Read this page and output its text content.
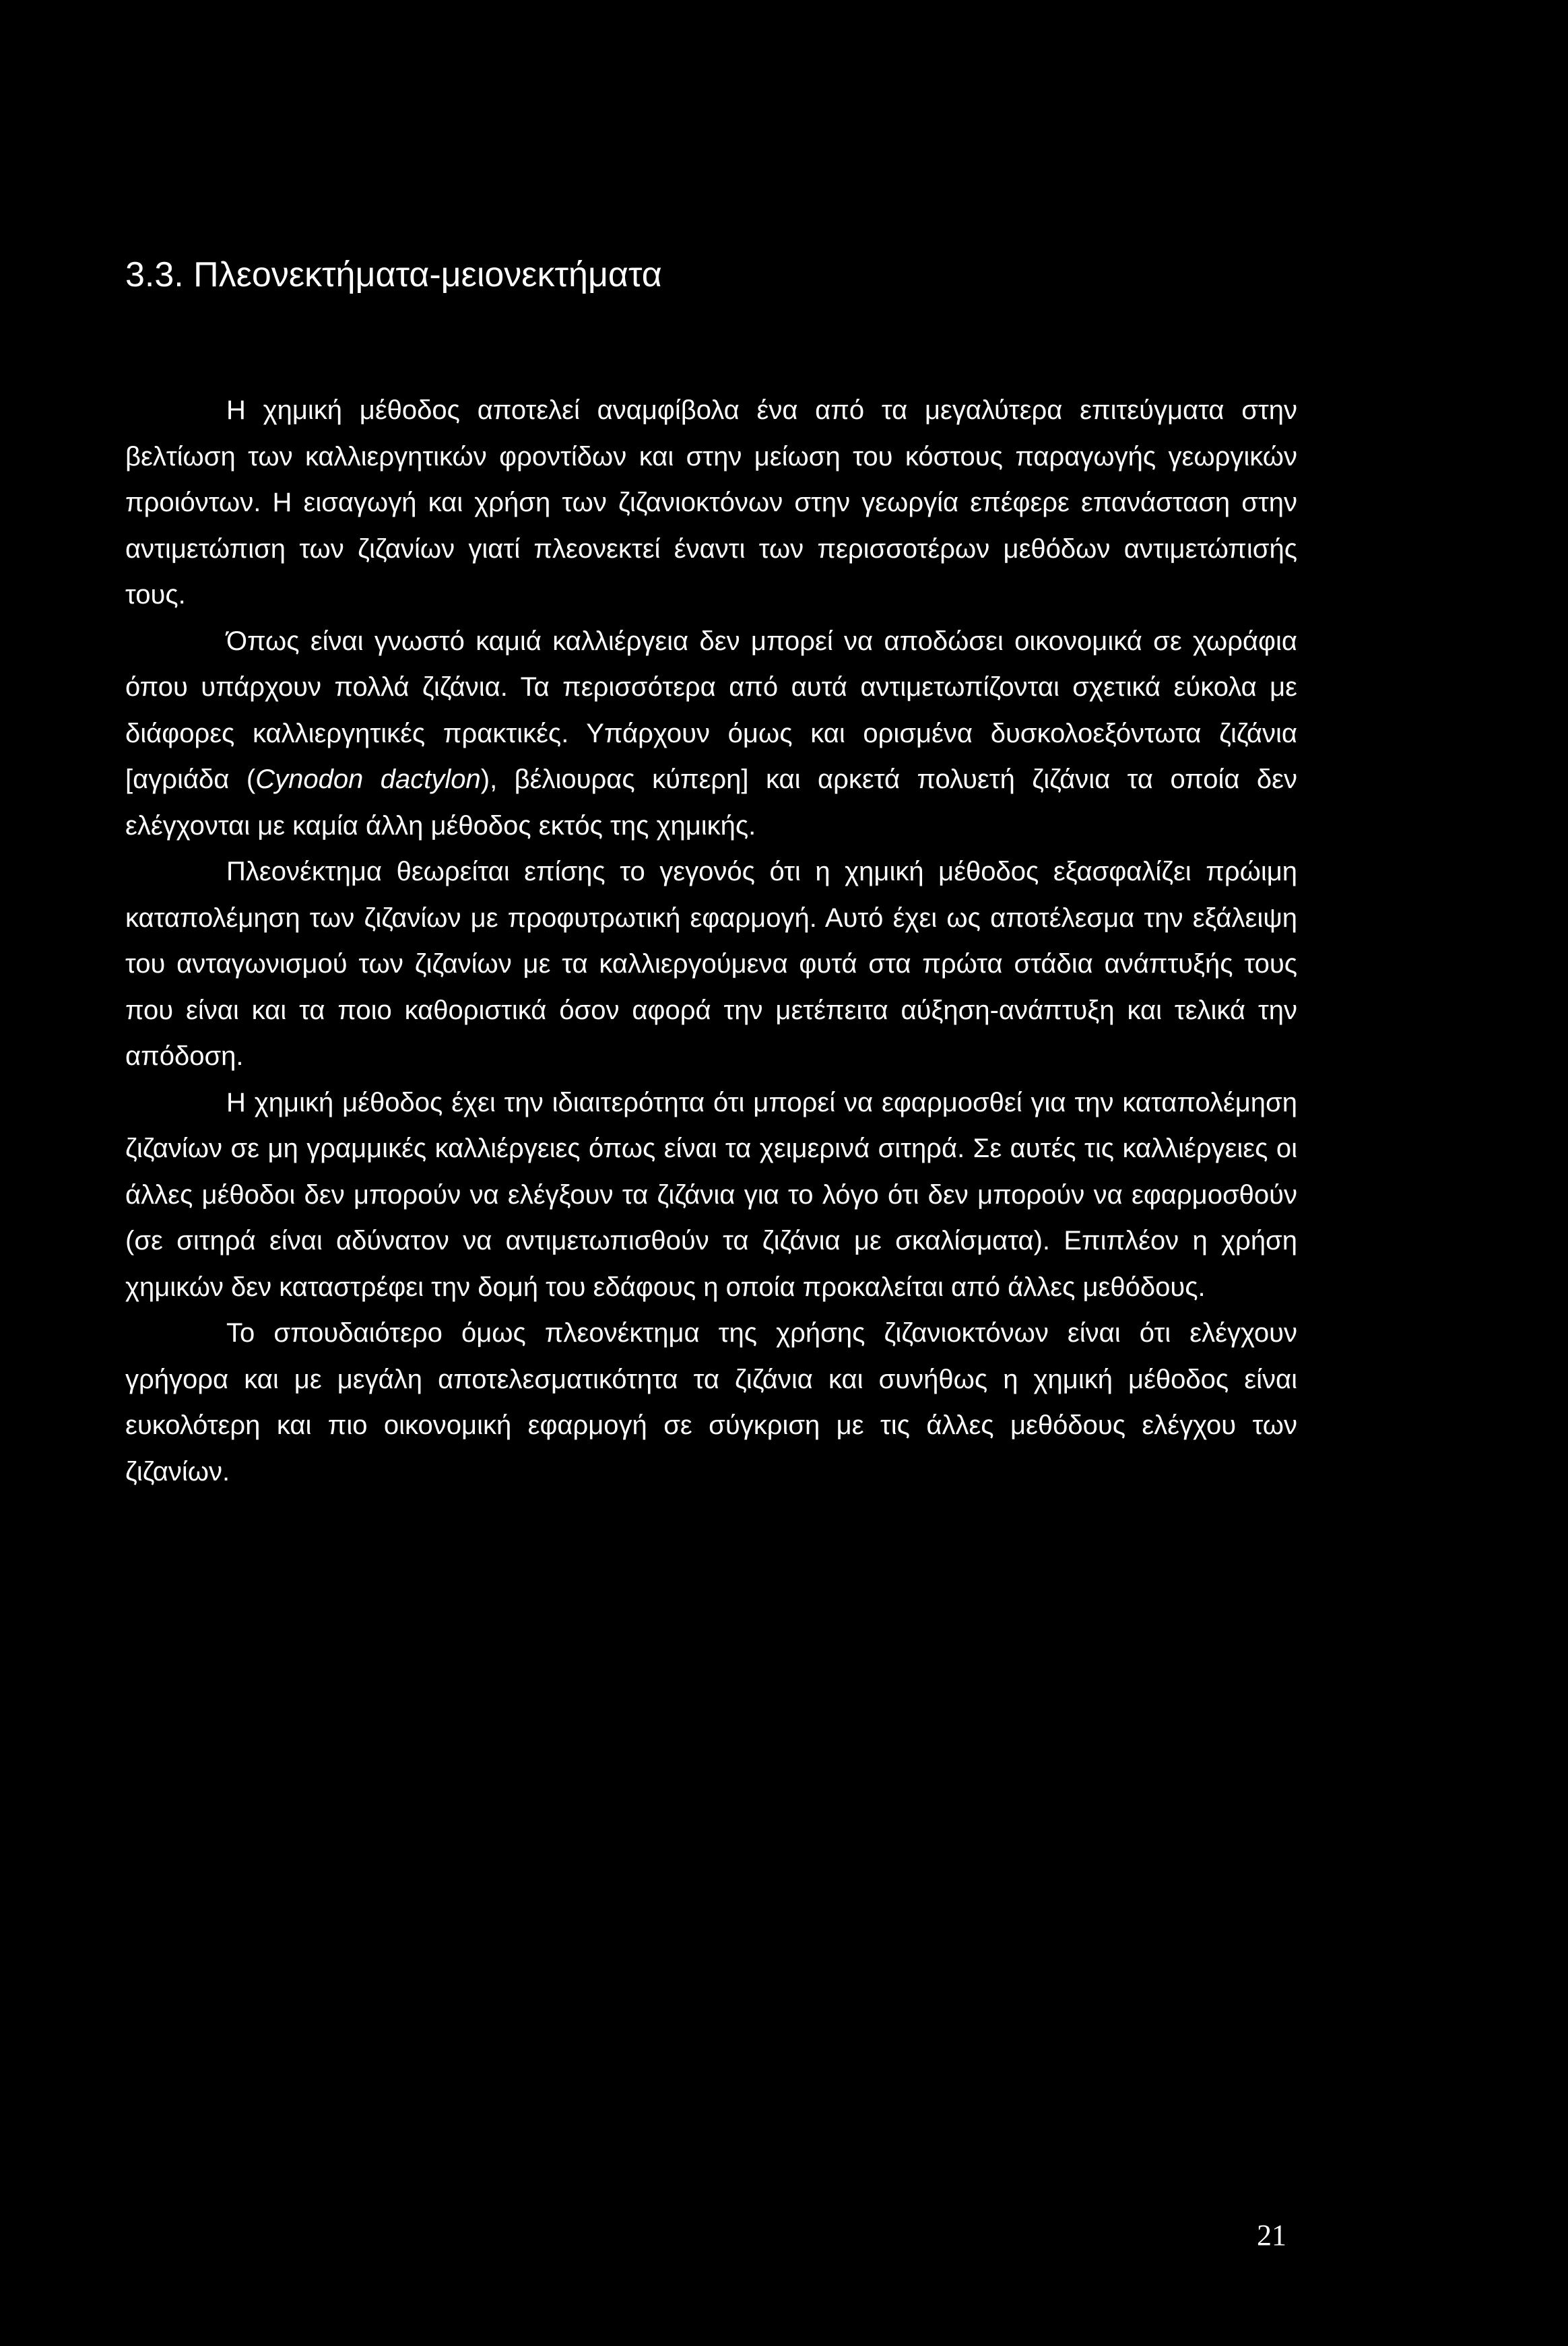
3.3. Πλεονεκτήματα-μειονεκτήματα

Η χημική μέθοδος αποτελεί αναμφίβολα ένα από τα μεγαλύτερα επιτεύγματα στην βελτίωση των καλλιεργητικών φροντίδων και στην μείωση του κόστους παραγωγής γεωργικών προιόντων. Η εισαγωγή και χρήση των ζιζανιοκτόνων στην γεωργία επέφερε επανάσταση στην αντιμετώπιση των ζιζανίων γιατί πλεονεκτεί έναντι των περισσοτέρων μεθόδων αντιμετώπισής τους.

Όπως είναι γνωστό καμιά καλλιέργεια δεν μπορεί να αποδώσει οικονομικά σε χωράφια όπου υπάρχουν πολλά ζιζάνια. Τα περισσότερα από αυτά αντιμετωπίζονται σχετικά εύκολα με διάφορες καλλιεργητικές πρακτικές. Υπάρχουν όμως και ορισμένα δυσκολοεξόντωτα ζιζάνια [αγριάδα (Cynodon dactylon), βέλιουρας κύπερη] και αρκετά πολυετή ζιζάνια τα οποία δεν ελέγχονται με καμία άλλη μέθοδος εκτός της χημικής.

Πλεονέκτημα θεωρείται επίσης το γεγονός ότι η χημική μέθοδος εξασφαλίζει πρώιμη καταπολέμηση των ζιζανίων με προφυτρωτική εφαρμογή. Αυτό έχει ως αποτέλεσμα την εξάλειψη του ανταγωνισμού των ζιζανίων με τα καλλιεργούμενα φυτά στα πρώτα στάδια ανάπτυξής τους που είναι και τα ποιο καθοριστικά όσον αφορά την μετέπειτα αύξηση-ανάπτυξη και τελικά την απόδοση.

Η χημική μέθοδος έχει την ιδιαιτερότητα ότι μπορεί να εφαρμοσθεί για την καταπολέμηση ζιζανίων σε μη γραμμικές καλλιέργειες όπως είναι τα χειμερινά σιτηρά. Σε αυτές τις καλλιέργειες οι άλλες μέθοδοι δεν μπορούν να ελέγξουν τα ζιζάνια για το λόγο ότι δεν μπορούν να εφαρμοσθούν (σε σιτηρά είναι αδύνατον να αντιμετωπισθούν τα ζιζάνια με σκαλίσματα). Επιπλέον η χρήση χημικών δεν καταστρέφει την δομή του εδάφους η οποία προκαλείται από άλλες μεθόδους.

Το σπουδαιότερο όμως πλεονέκτημα της χρήσης ζιζανιοκτόνων είναι ότι ελέγχουν γρήγορα και με μεγάλη αποτελεσματικότητα τα ζιζάνια και συνήθως η χημική μέθοδος είναι ευκολότερη και πιο οικονομική εφαρμογή σε σύγκριση με τις άλλες μεθόδους ελέγχου των ζιζανίων.

21
